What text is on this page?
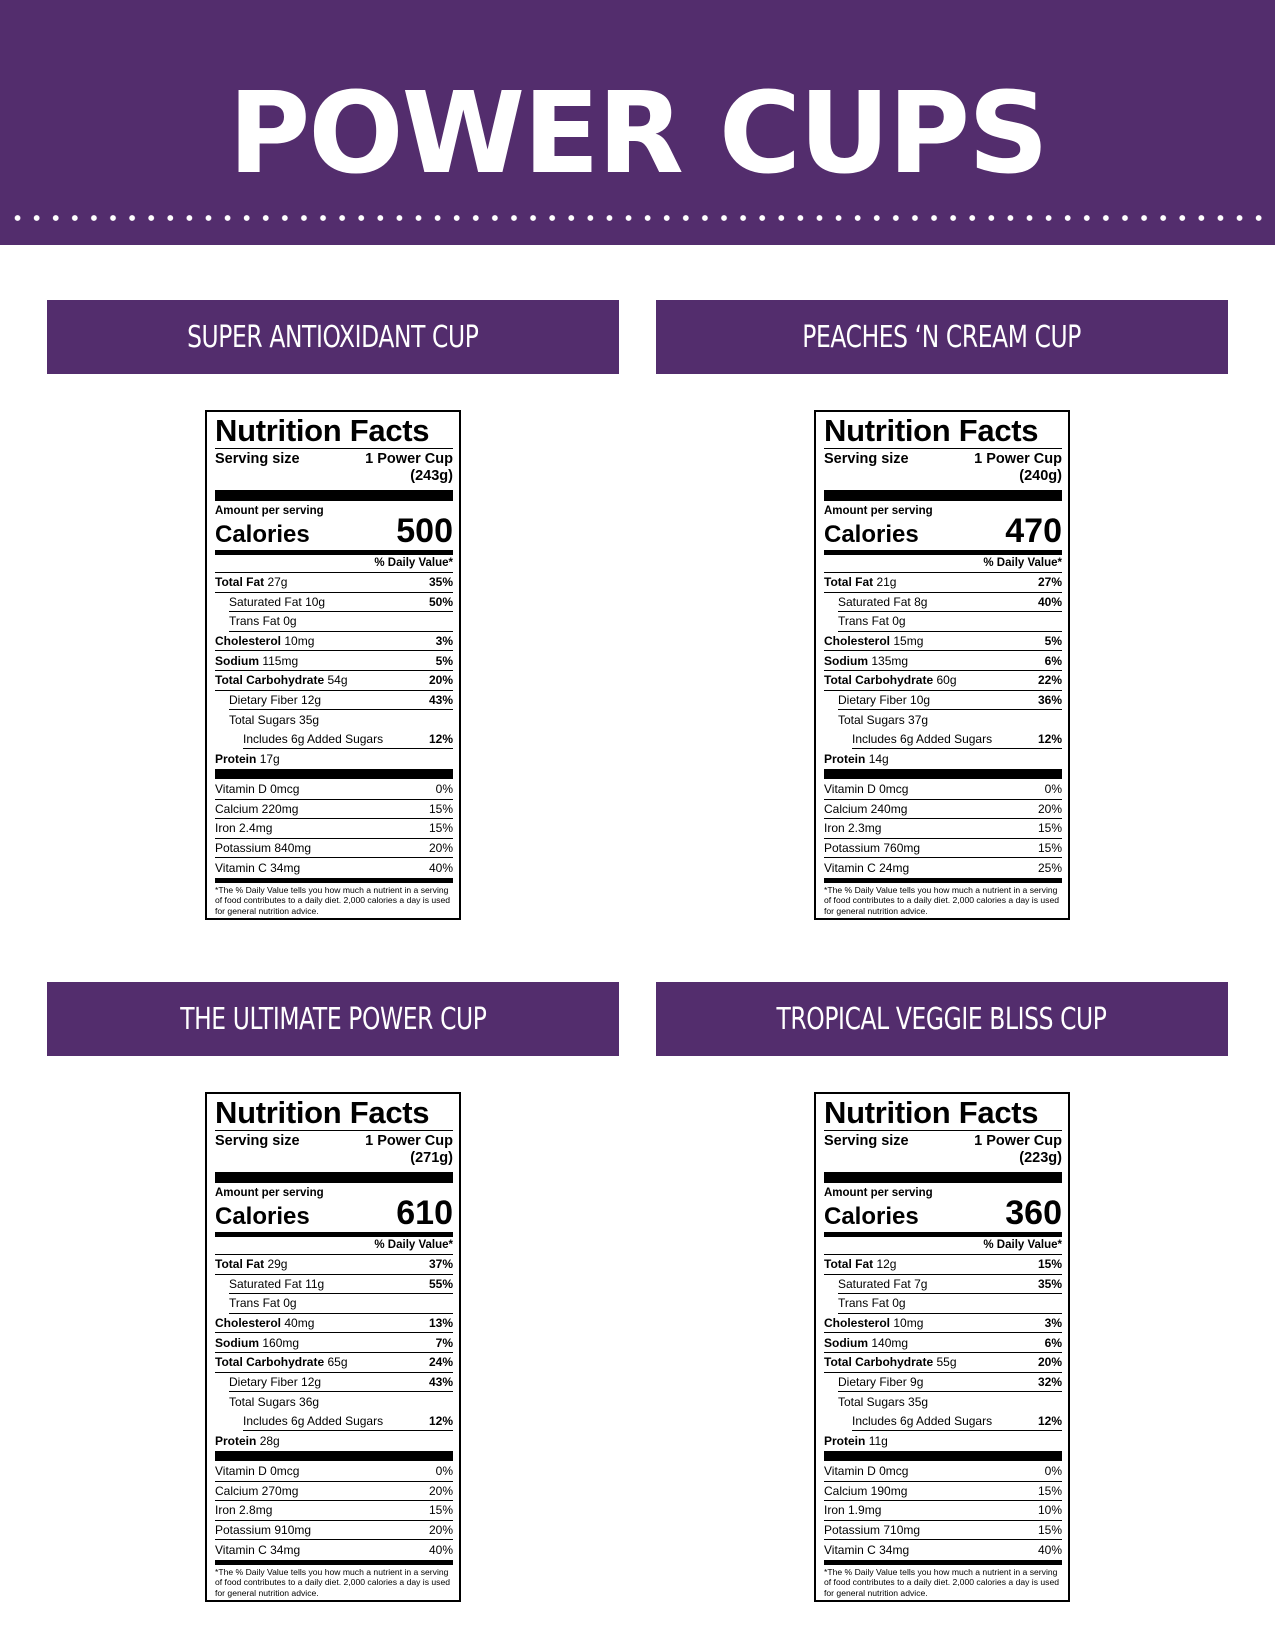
POWER CUPS
SUPER ANTIOXIDANT CUP
Nutrition Facts
Serving size	1 Power Cup
(243g)
Amount per serving
Calories	500
% Daily Value*
Total Fat 27g	35%
Saturated Fat 10g	50%
Trans Fat 0g
Cholesterol 10mg	3%
Sodium 115mg	5%
Total Carbohydrate 54g	20%
Dietary Fiber 12g	43%
Total Sugars 35g
Includes 6g Added Sugars	12%
Protein 17g
Vitamin D 0mcg	0%
Calcium 220mg	15%
Iron 2.4mg	15%
Potassium 840mg	20%
Vitamin C 34mg	40%
*The % Daily Value tells you how much a nutrient in a serving of food contributes to a daily diet. 2,000 calories a day is used for general nutrition advice.
PEACHES ‘N CREAM CUP
Nutrition Facts
Serving size	1 Power Cup
(240g)
Amount per serving
Calories	470
% Daily Value*
Total Fat 21g	27%
Saturated Fat 8g	40%
Trans Fat 0g
Cholesterol 15mg	5%
Sodium 135mg	6%
Total Carbohydrate 60g	22%
Dietary Fiber 10g	36%
Total Sugars 37g
Includes 6g Added Sugars	12%
Protein 14g
Vitamin D 0mcg	0%
Calcium 240mg	20%
Iron 2.3mg	15%
Potassium 760mg	15%
Vitamin C 24mg	25%
*The % Daily Value tells you how much a nutrient in a serving of food contributes to a daily diet. 2,000 calories a day is used for general nutrition advice.
THE ULTIMATE POWER CUP
Nutrition Facts
Serving size	1 Power Cup
(271g)
Amount per serving
Calories	610
% Daily Value*
Total Fat 29g	37%
Saturated Fat 11g	55%
Trans Fat 0g
Cholesterol 40mg	13%
Sodium 160mg	7%
Total Carbohydrate 65g	24%
Dietary Fiber 12g	43%
Total Sugars 36g
Includes 6g Added Sugars	12%
Protein 28g
Vitamin D 0mcg	0%
Calcium 270mg	20%
Iron 2.8mg	15%
Potassium 910mg	20%
Vitamin C 34mg	40%
*The % Daily Value tells you how much a nutrient in a serving of food contributes to a daily diet. 2,000 calories a day is used for general nutrition advice.
TROPICAL VEGGIE BLISS CUP
Nutrition Facts
Serving size	1 Power Cup
(223g)
Amount per serving
Calories	360
% Daily Value*
Total Fat 12g	15%
Saturated Fat 7g	35%
Trans Fat 0g
Cholesterol 10mg	3%
Sodium 140mg	6%
Total Carbohydrate 55g	20%
Dietary Fiber 9g	32%
Total Sugars 35g
Includes 6g Added Sugars	12%
Protein 11g
Vitamin D 0mcg	0%
Calcium 190mg	15%
Iron 1.9mg	10%
Potassium 710mg	15%
Vitamin C 34mg	40%
*The % Daily Value tells you how much a nutrient in a serving of food contributes to a daily diet. 2,000 calories a day is used for general nutrition advice.
